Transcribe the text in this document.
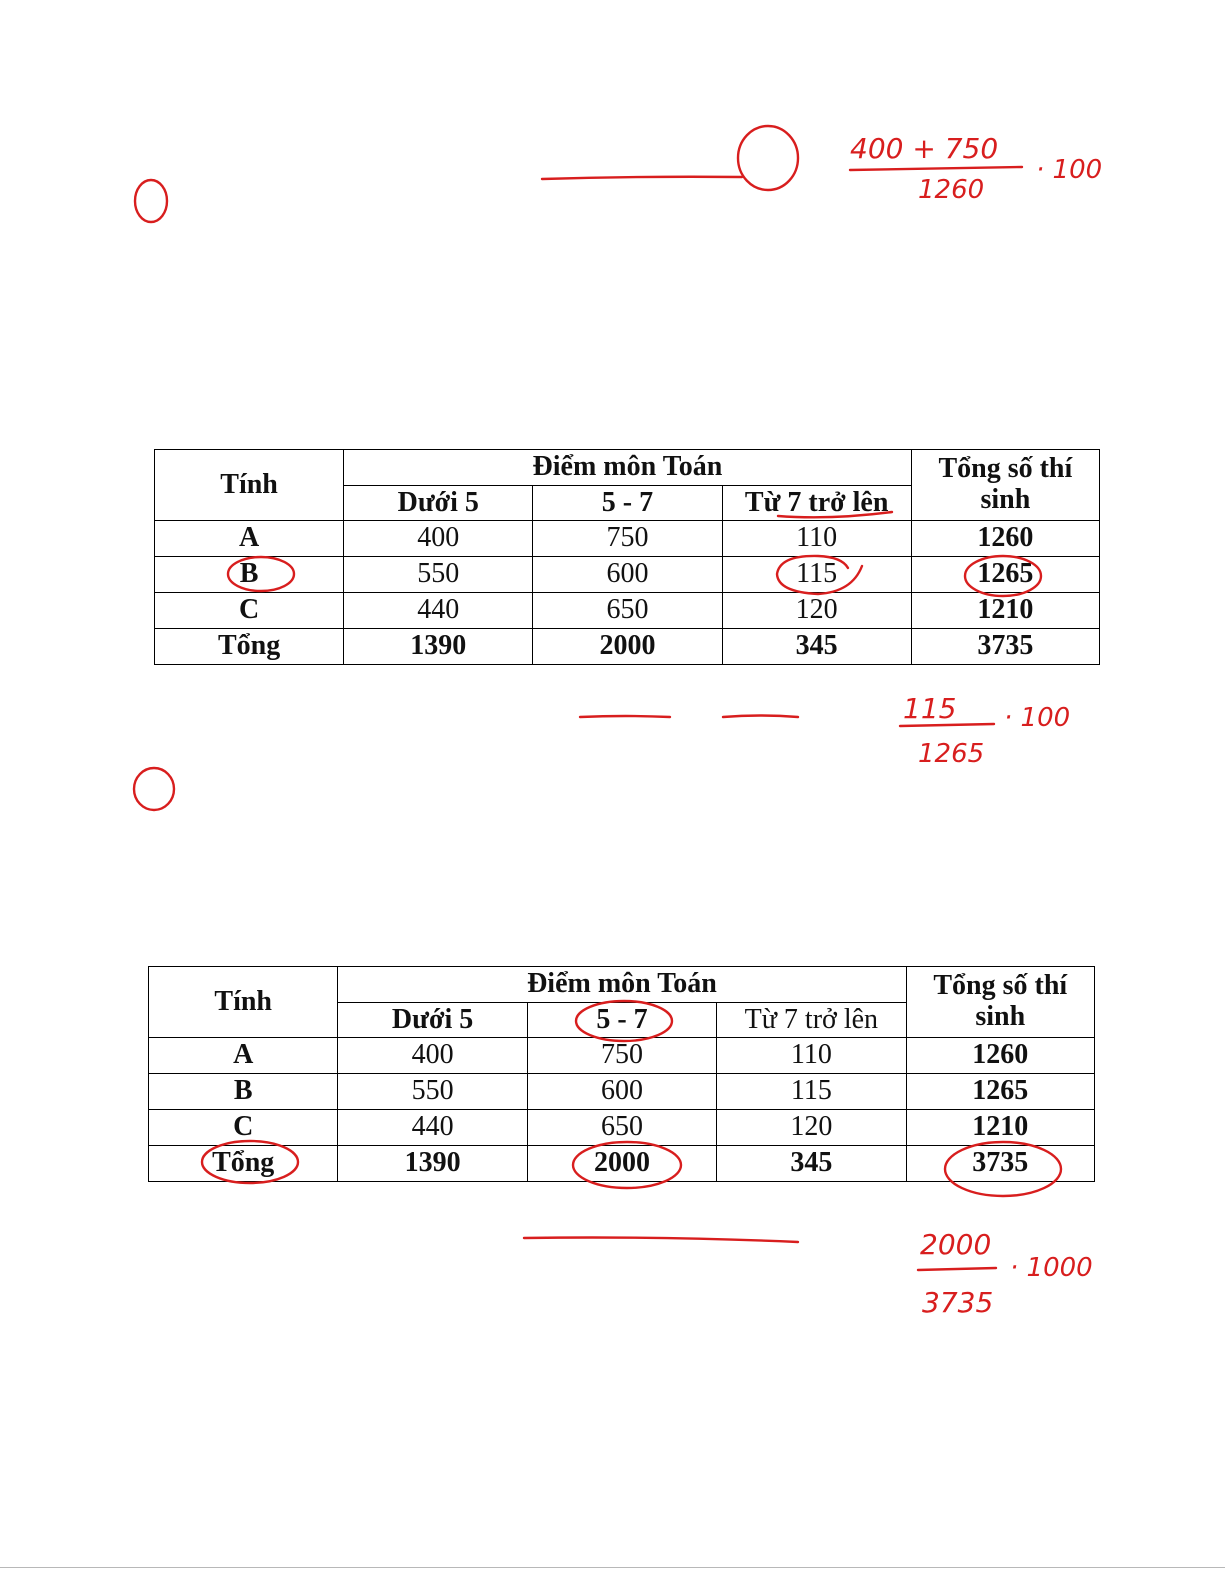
Tính	Điểm môn Toán			Tổng số thí sinh
	Dưới 5	5 - 7	Từ 7 trở lên	
A	400	750	110	1260
B	550	600	115	1265
C	440	650	120	1210
Tổng	1390	2000	345	3735
Tính	Điểm môn Toán			Tổng số thí sinh
	Dưới 5	5 - 7	Từ 7 trở lên	
A	400	750	110	1260
B	550	600	115	1265
C	440	650	120	1210
Tổng	1390	2000	345	3735
400 + 750
1260
· 100
115
1265
· 100
2000
3735
· 1000
